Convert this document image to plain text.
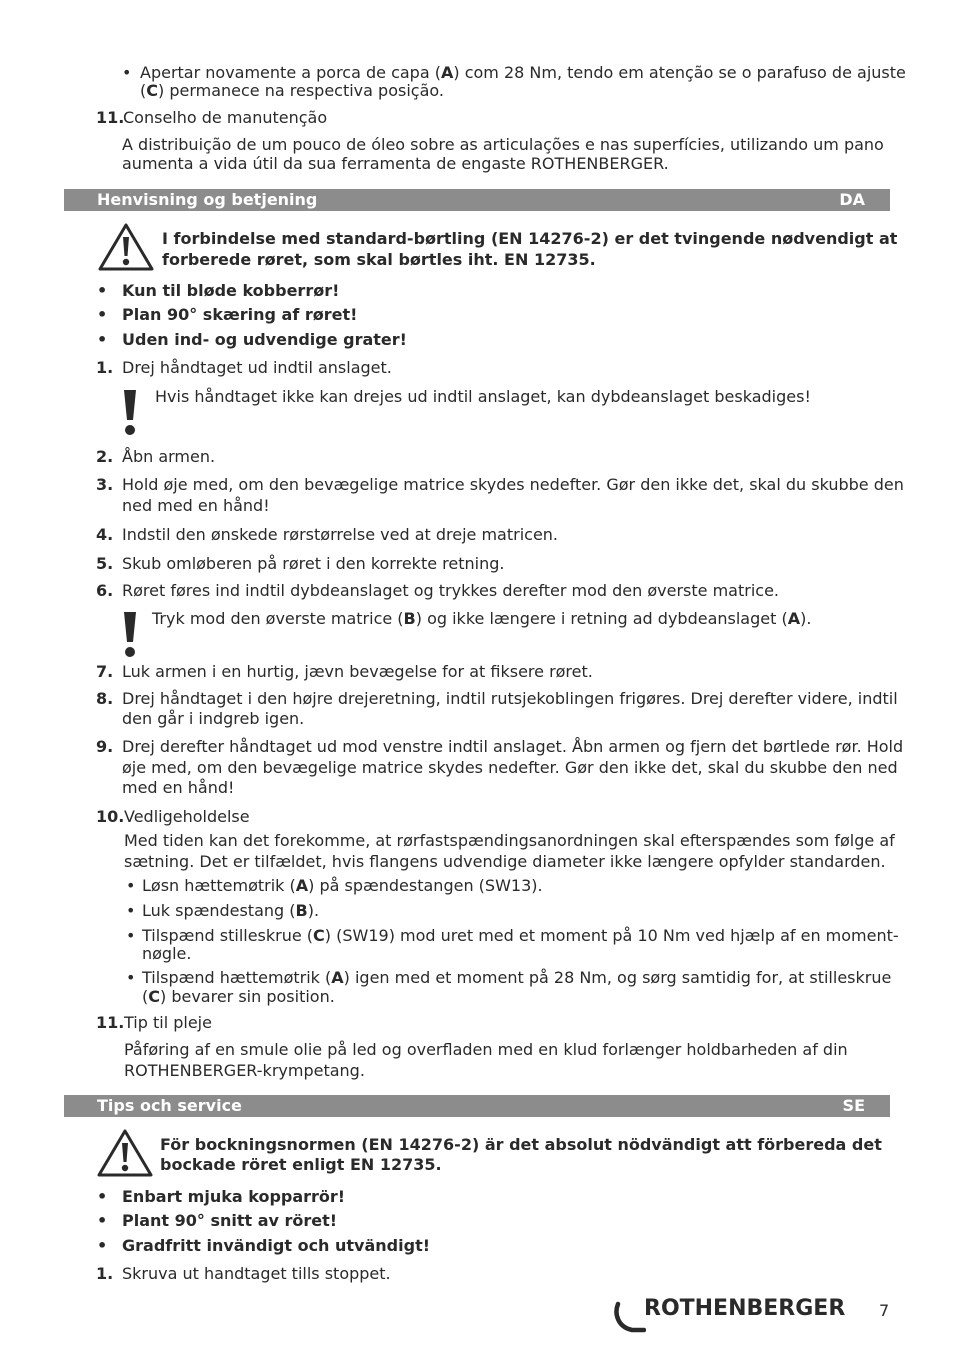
• Apertar novamente a porca de capa (A) com 28 Nm, tendo em atenção se o parafuso de ajuste
(C) permanece na respectiva posição.
11.
Conselho de manutenção
A distribuição de um pouco de óleo sobre as articulações e nas superfícies, utilizando um pano
aumenta a vida útil da sua ferramenta de engaste ROTHENBERGER.
Henvisning og betjening	DA
I forbindelse med standard-børtling (EN 14276-2) er det tvingende nødvendigt at
forberede røret, som skal børtles iht. EN 12735.
• Kun til bløde kobberrør!
• Plan 90° skæring af røret!
• Uden ind- og udvendige grater!
1. Drej håndtaget ud indtil anslaget.
Hvis håndtaget ikke kan drejes ud indtil anslaget, kan dybdeanslaget beskadiges!
2. Åbn armen.
3. Hold øje med, om den bevægelige matrice skydes nedefter. Gør den ikke det, skal du skubbe den
ned med en hånd!
4. Indstil den ønskede rørstørrelse ved at dreje matricen.
5. Skub omløberen på røret i den korrekte retning.
6. Røret føres ind indtil dybdeanslaget og trykkes derefter mod den øverste matrice.
Tryk mod den øverste matrice (B) og ikke længere i retning ad dybdeanslaget (A).
7. Luk armen i en hurtig, jævn bevægelse for at fiksere røret.
8. Drej håndtaget i den højre drejeretning, indtil rutsjekoblingen frigøres. Drej derefter videre, indtil
den går i indgreb igen.
9. Drej derefter håndtaget ud mod venstre indtil anslaget. Åbn armen og fjern det børtlede rør. Hold
øje med, om den bevægelige matrice skydes nedefter. Gør den ikke det, skal du skubbe den ned
med en hånd!
10. Vedligeholdelse
Med tiden kan det forekomme, at rørfastspændingsanordningen skal efterspændes som følge af
sætning. Det er tilfældet, hvis flangens udvendige diameter ikke længere opfylder standarden.
• Løsn hættemøtrik (A) på spændestangen (SW13).
• Luk spændestang (B).
• Tilspænd stilleskrue (C) (SW19) mod uret med et moment på 10 Nm ved hjælp af en moment-
nøgle.
• Tilspænd hættemøtrik (A) igen med et moment på 28 Nm, og sørg samtidig for, at stilleskrue
(C) bevarer sin position.
11. Tip til pleje
Påføring af en smule olie på led og overfladen med en klud forlænger holdbarheden af din
ROTHENBERGER-krympetang.
Tips och service	SE
För bockningsnormen (EN 14276-2) är det absolut nödvändigt att förbereda det
bockade röret enligt EN 12735.
• Enbart mjuka kopparrör!
• Plant 90° snitt av röret!
• Gradfritt invändigt och utvändigt!
1. Skruva ut handtaget tills stoppet.
ROTHENBERGER 7
